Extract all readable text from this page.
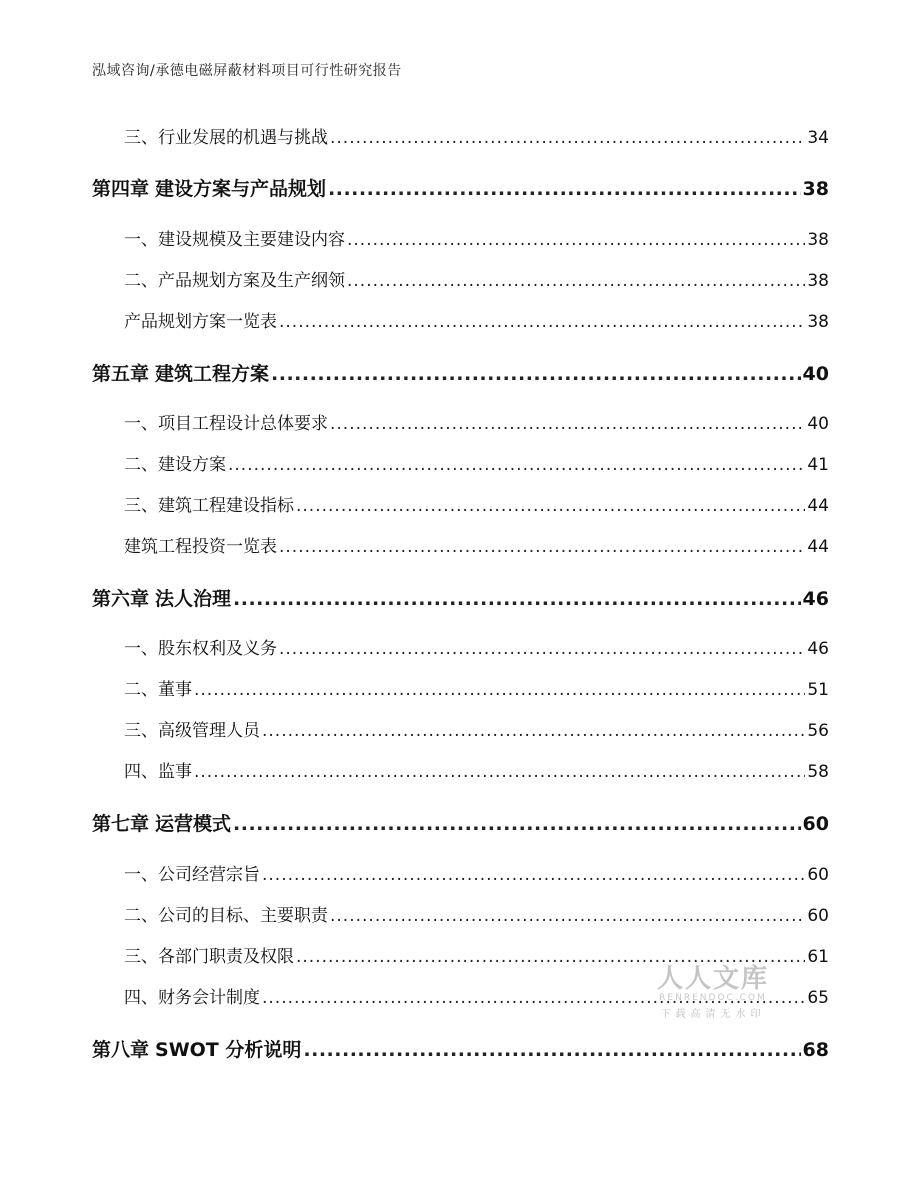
泓域咨询/承德电磁屏蔽材料项目可行性研究报告
三、 行业发展的机遇与挑战 .....	34
第四章 建设方案与产品规划 .....	38
一、 建设规模及主要建设内容 .....	38
二、 产品规划方案及生产纲领 .....	38
产品规划方案一览表 .....	38
第五章 建筑工程方案 .....	40
一、 项目工程设计总体要求 .....	40
二、 建设方案 .....	41
三、 建筑工程建设指标 .....	44
建筑工程投资一览表 .....	44
第六章 法人治理 .....	46
一、 股东权利及义务 .....	46
二、 董事 .....	51
三、 高级管理人员 .....	56
四、 监事 .....	58
第七章 运营模式 .....	60
一、 公司经营宗旨 .....	60
二、 公司的目标、主要职责 .....	60
三、 各部门职责及权限 .....	61
四、 财务会计制度 .....	65
第八章 SWOT 分析说明 .....	68
人人文库
RENRENDOC.COM
下载高清无水印
